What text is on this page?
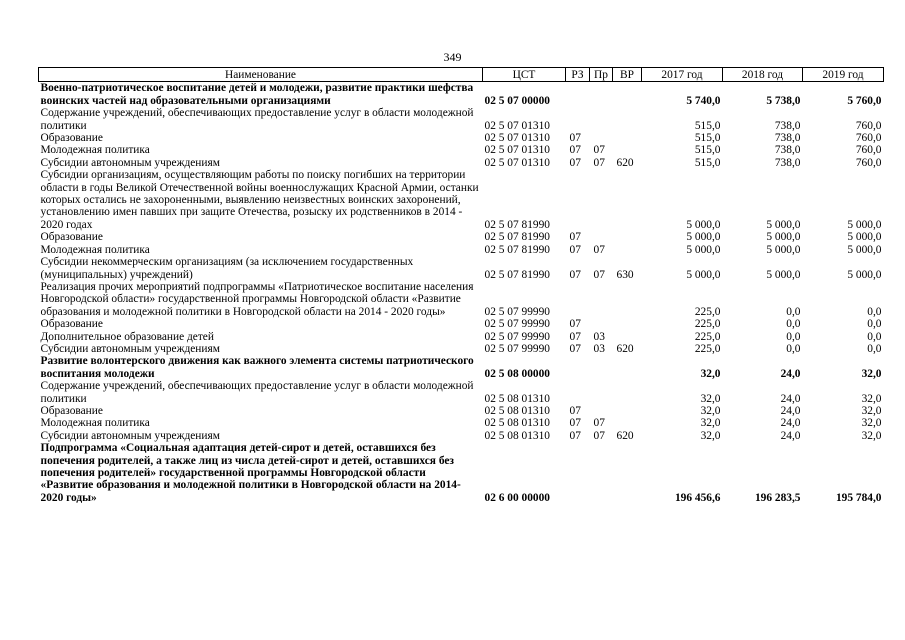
349
Наименование	ЦСТ	РЗ	Пр	ВР	2017 год	2018 год	2019 год
Военно-патриотическое воспитание детей и молодежи, развитие практики шефства воинских частей над образовательными организациями	02 5 07 00000				5 740,0	5 738,0	5 760,0
Содержание учреждений, обеспечивающих предоставление услуг в области молодежной политики	02 5 07 01310				515,0	738,0	760,0
Образование	02 5 07 01310	07			515,0	738,0	760,0
Молодежная политика	02 5 07 01310	07	07		515,0	738,0	760,0
Субсидии автономным учреждениям	02 5 07 01310	07	07	620	515,0	738,0	760,0
Субсидии организациям, осуществляющим работы по поиску погибших на территории области в годы Великой Отечественной войны военнослужащих Красной Армии, останки которых остались не захороненными, выявлению неизвестных воинских захоронений, установлению имен павших при защите Отечества, розыску их родственников в 2014 - 2020 годах	02 5 07 81990				5 000,0	5 000,0	5 000,0
Образование	02 5 07 81990	07			5 000,0	5 000,0	5 000,0
Молодежная политика	02 5 07 81990	07	07		5 000,0	5 000,0	5 000,0
Субсидии некоммерческим организациям (за исключением государственных (муниципальных) учреждений)	02 5 07 81990	07	07	630	5 000,0	5 000,0	5 000,0
Реализация прочих мероприятий подпрограммы «Патриотическое воспитание населения Новгородской области» государственной программы Новгородской области «Развитие образования и молодежной политики в Новгородской области на 2014 - 2020 годы»	02 5 07 99990				225,0	0,0	0,0
Образование	02 5 07 99990	07			225,0	0,0	0,0
Дополнительное образование детей	02 5 07 99990	07	03		225,0	0,0	0,0
Субсидии автономным учреждениям	02 5 07 99990	07	03	620	225,0	0,0	0,0
Развитие волонтерского движения как важного элемента системы патриотического воспитания молодежи	02 5 08 00000				32,0	24,0	32,0
Содержание учреждений, обеспечивающих предоставление услуг в области молодежной политики	02 5 08 01310				32,0	24,0	32,0
Образование	02 5 08 01310	07			32,0	24,0	32,0
Молодежная политика	02 5 08 01310	07	07		32,0	24,0	32,0
Субсидии автономным учреждениям	02 5 08 01310	07	07	620	32,0	24,0	32,0
Подпрограмма «Социальная адаптация детей-сирот и детей, оставшихся без попечения родителей, а также лиц из числа детей-сирот и детей, оставшихся без попечения родителей» государственной программы Новгородской области «Развитие образования и молодежной политики в Новгородской области на 2014-2020 годы»	02 6 00 00000				196 456,6	196 283,5	195 784,0
